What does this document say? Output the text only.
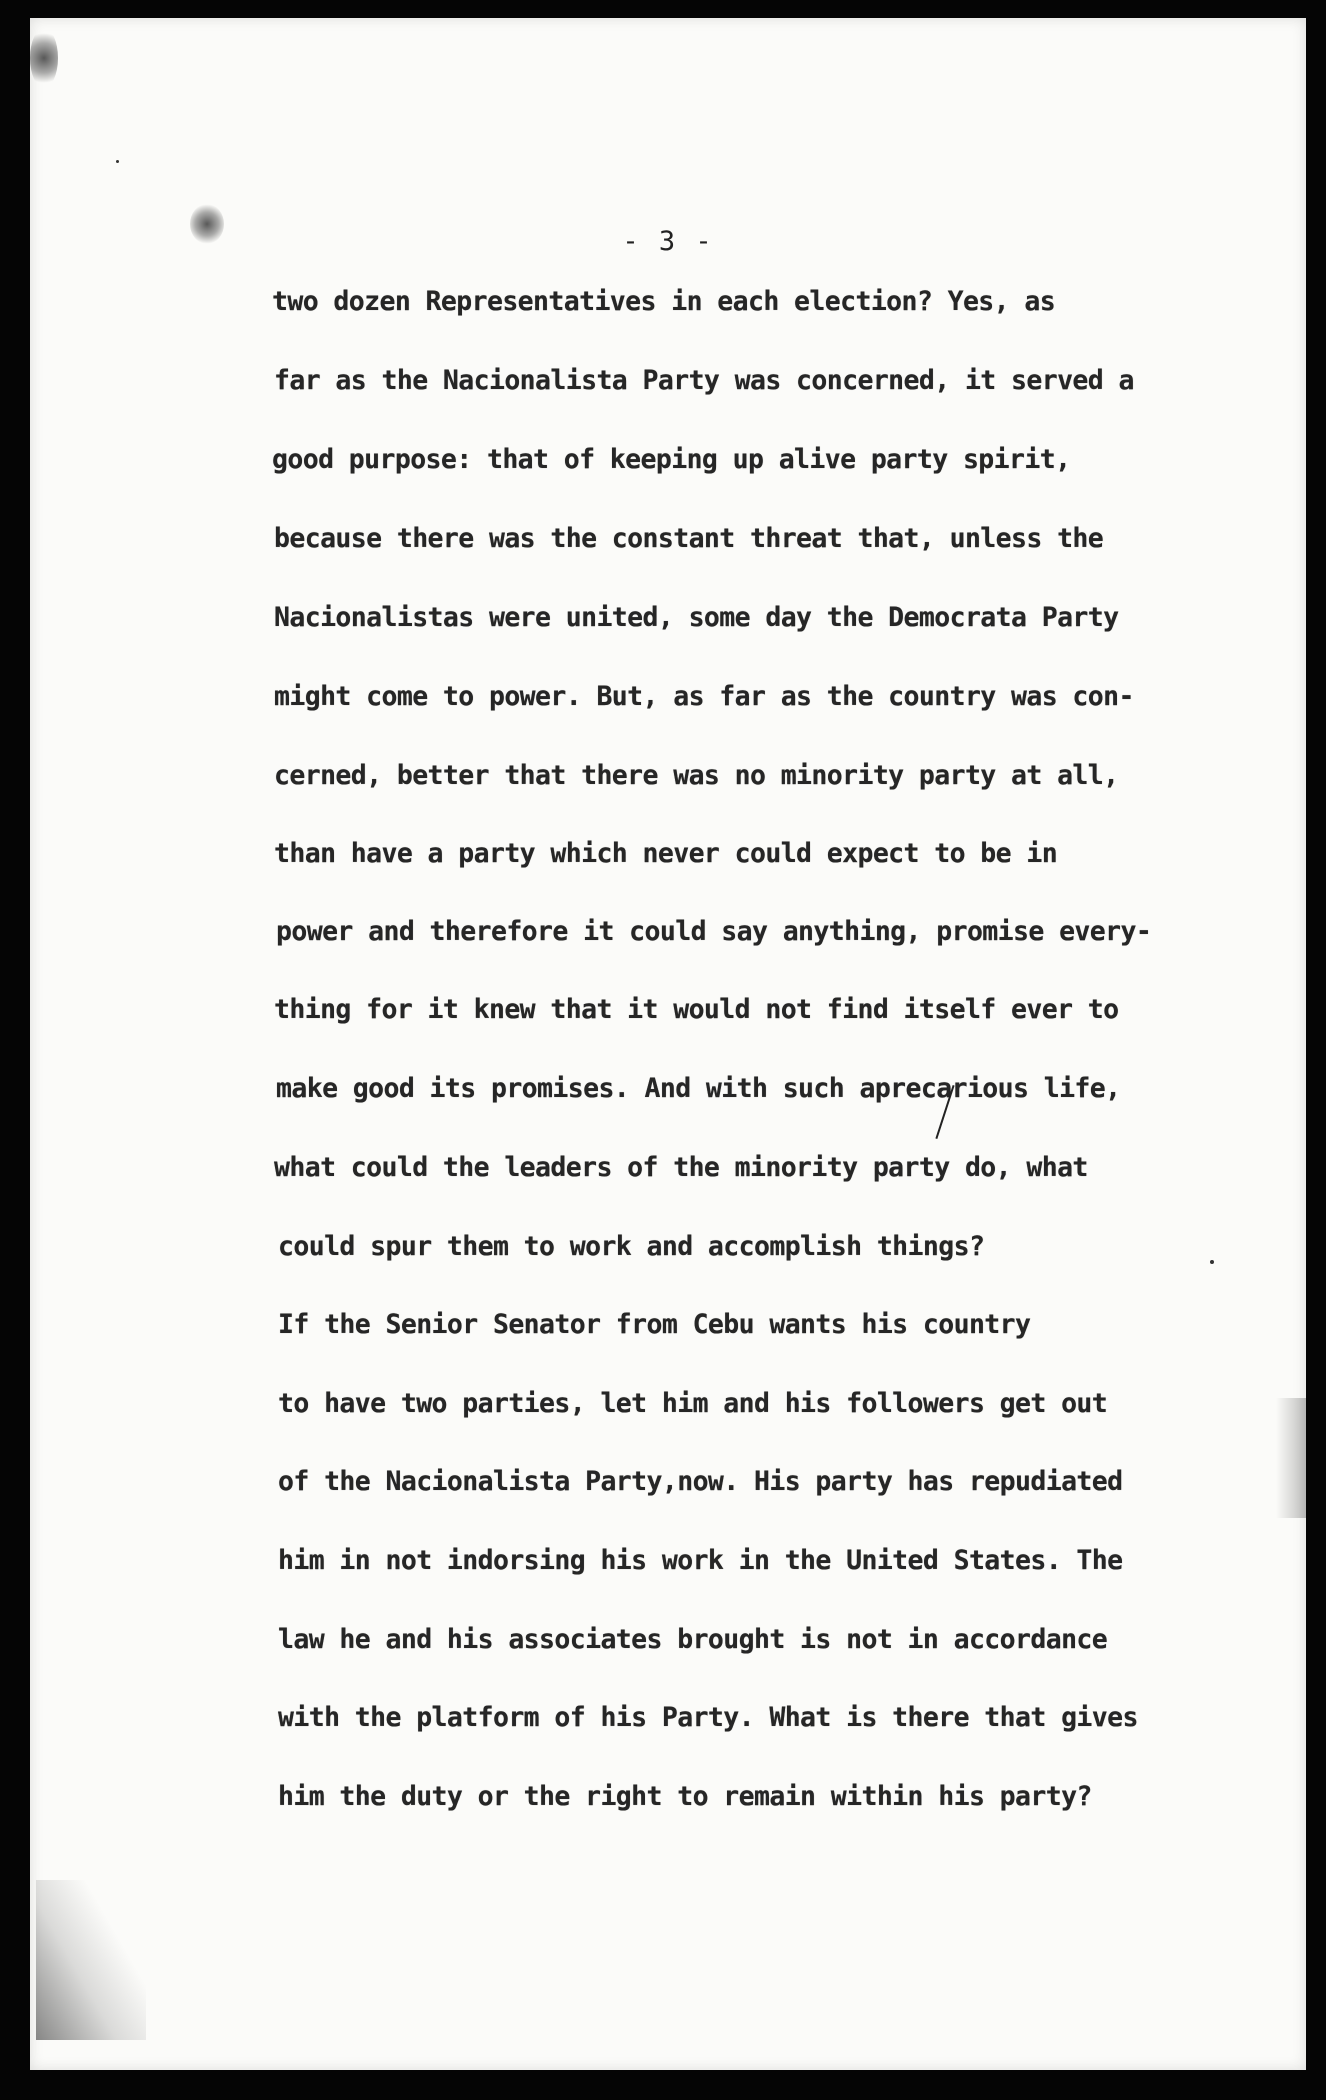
- 3 -
two dozen Representatives in each election? Yes, as
far as the Nacionalista Party was concerned, it served a
good purpose: that of keeping up alive party spirit,
because there was the constant threat that, unless the
Nacionalistas were united, some day the Democrata Party
might come to power. But, as far as the country was con-
cerned, better that there was no minority party at all,
than have a party which never could expect to be in
power and therefore it could say anything, promise every-
thing for it knew that it would not find itself ever to
make good its promises. And with such aprecarious life,
what could the leaders of the minority party do, what
could spur them to work and accomplish things?
If the Senior Senator from Cebu wants his country
to have two parties, let him and his followers get out
of the Nacionalista Party,now. His party has repudiated
him in not indorsing his work in the United States. The
law he and his associates brought is not in accordance
with the platform of his Party. What is there that gives
him the duty or the right to remain within his party?
